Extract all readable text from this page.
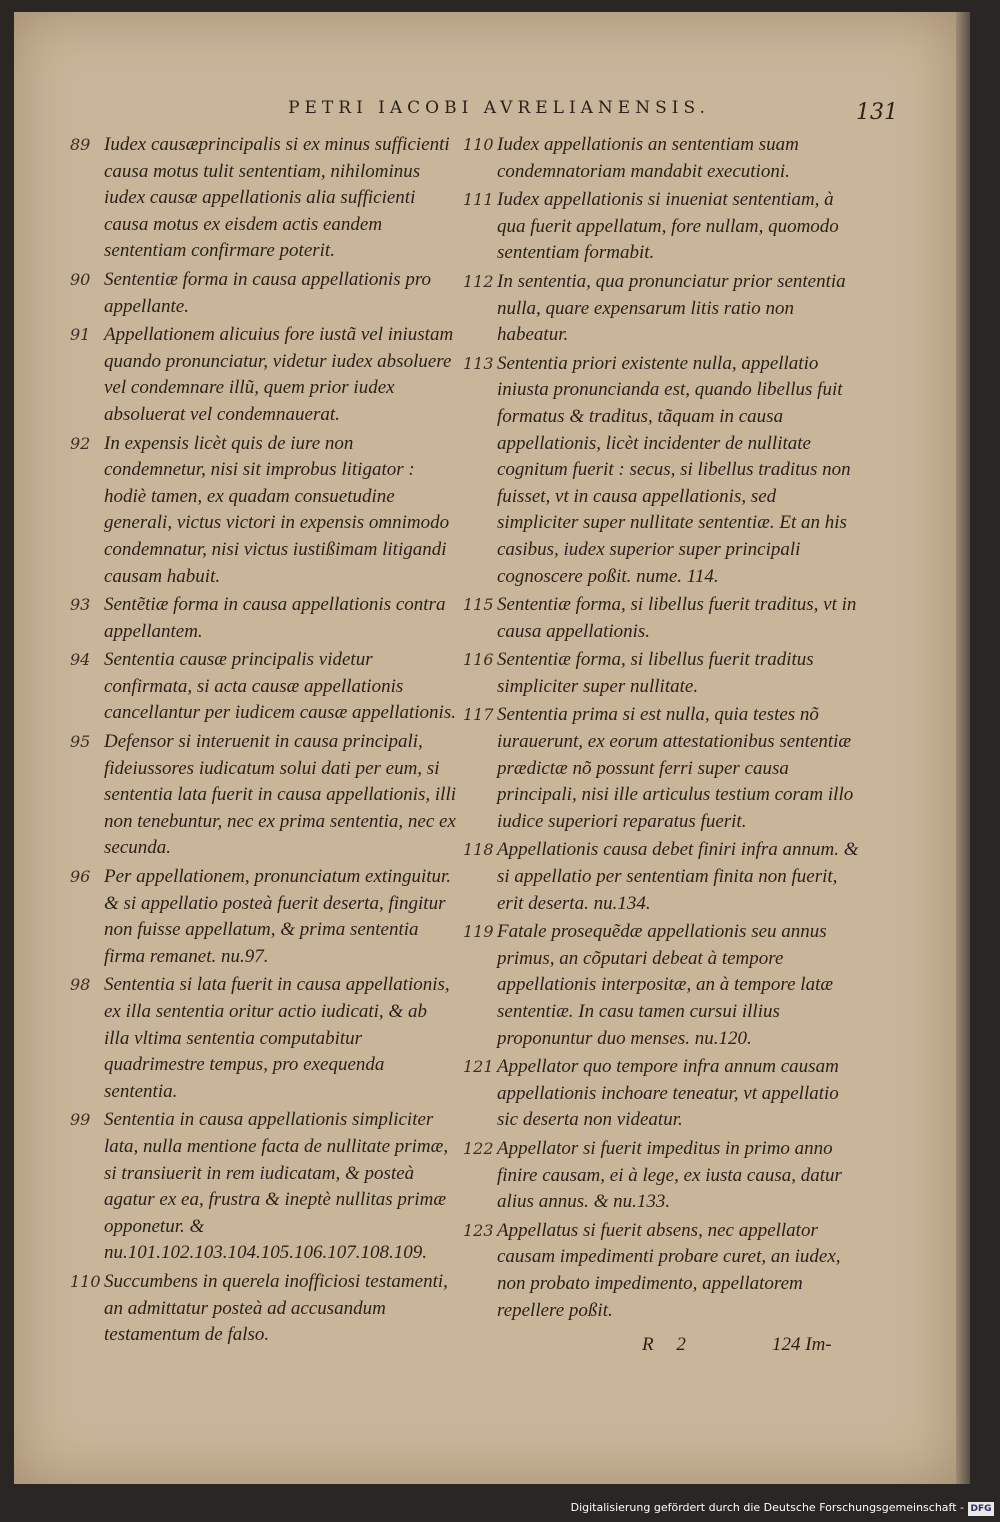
PETRI IACOBI AVRELIANENSIS.	131
89 Iudex causæprincipalis si ex minus sufficienti causa motus tulit sententiam, nihilominus iudex causæ appellationis alia sufficienti causa motus ex eisdem actis eandem sententiam confirmare poterit.
90 Sententiæ forma in causa appellationis pro appellante.
91 Appellationem alicuius fore iustã vel iniustam quando pronunciatur, videtur iudex absoluere vel condemnare illũ, quem prior iudex absoluerat vel condemnauerat.
92 In expensis licèt quis de iure non condemnetur, nisi sit improbus litigator : hodiè tamen, ex quadam consuetudine generali, victus victori in expensis omnimodo condemnatur, nisi victus iustißimam litigandi causam habuit.
93 Sentẽtiæ forma in causa appellationis contra appellantem.
94 Sententia causæ principalis videtur confirmata, si acta causæ appellationis cancellantur per iudicem causæ appellationis.
95 Defensor si interuenit in causa principali, fideiussores iudicatum solui dati per eum, si sententia lata fuerit in causa appellationis, illi non tenebuntur, nec ex prima sententia, nec ex secunda.
96 Per appellationem, pronunciatum extinguitur. & si appellatio posteà fuerit deserta, fingitur non fuisse appellatum, & prima sententia firma remanet. nu.97.
98 Sententia si lata fuerit in causa appellationis, ex illa sententia oritur actio iudicati, & ab illa vltima sententia computabitur quadrimestre tempus, pro exequenda sententia.
99 Sententia in causa appellationis simpliciter lata, nulla mentione facta de nullitate primæ, si transiuerit in rem iudicatam, & posteà agatur ex ea, frustra & ineptè nullitas primæ opponetur. & nu.101.102.103.104.105.106.107.108.109.
110 Succumbens in querela inofficiosi testamenti, an admittatur posteà ad accusandum testamentum de falso.
110 Iudex appellationis an sententiam suam condemnatoriam mandabit executioni.
111 Iudex appellationis si inueniat sententiam, à qua fuerit appellatum, fore nullam, quomodo sententiam formabit.
112 In sententia, qua pronunciatur prior sententia nulla, quare expensarum litis ratio non habeatur.
113 Sententia priori existente nulla, appellatio iniusta pronuncianda est, quando libellus fuit formatus & traditus, tãquam in causa appellationis, licèt incidenter de nullitate cognitum fuerit : secus, si libellus traditus non fuisset, vt in causa appellationis, sed simpliciter super nullitate sententiæ. Et an his casibus, iudex superior super principali cognoscere poßit. nume. 114.
115 Sententiæ forma, si libellus fuerit traditus, vt in causa appellationis.
116 Sententiæ forma, si libellus fuerit traditus simpliciter super nullitate.
117 Sententia prima si est nulla, quia testes nõ iurauerunt, ex eorum attestationibus sententiæ prædictæ nõ possunt ferri super causa principali, nisi ille articulus testium coram illo iudice superiori reparatus fuerit.
118 Appellationis causa debet finiri infra annum. & si appellatio per sententiam finita non fuerit, erit deserta. nu.134.
119 Fatale prosequẽdæ appellationis seu annus primus, an cõputari debeat à tempore appellationis interpositæ, an à tempore latæ sententiæ. In casu tamen cursui illius proponuntur duo menses. nu.120.
121 Appellator quo tempore infra annum causam appellationis inchoare teneatur, vt appellatio sic deserta non videatur.
122 Appellator si fuerit impeditus in primo anno finire causam, ei à lege, ex iusta causa, datur alius annus. & nu.133.
123 Appellatus si fuerit absens, nec appellator causam impedimenti probare curet, an iudex, non probato impedimento, appellatorem repellere poßit.
R 2	124 Im-
Digitalisierung gefördert durch die Deutsche Forschungsgemeinschaft - DFG
